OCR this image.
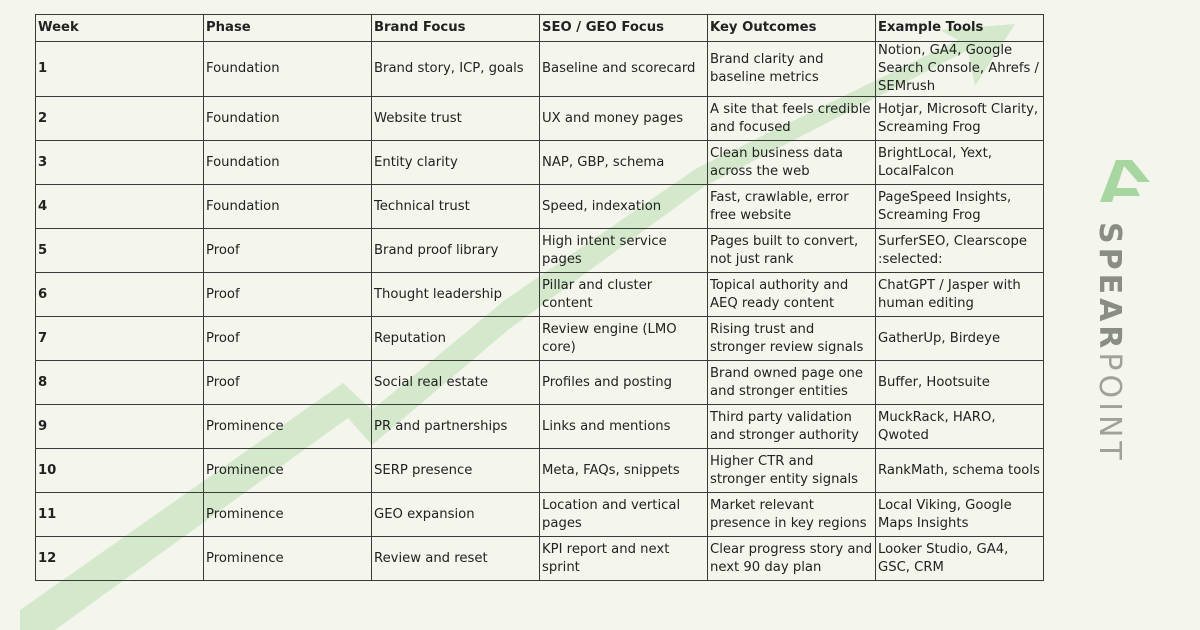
Week	Phase	Brand Focus	SEO / GEO Focus	Key Outcomes	Example Tools
1	Foundation	Brand story, ICP, goals	Baseline and scorecard	Brand clarity and baseline metrics	Notion, GA4, Google Search Console, Ahrefs / SEMrush
2	Foundation	Website trust	UX and money pages	A site that feels credible and focused	Hotjar, Microsoft Clarity, Screaming Frog
3	Foundation	Entity clarity	NAP, GBP, schema	Clean business data across the web	BrightLocal, Yext, LocalFalcon
4	Foundation	Technical trust	Speed, indexation	Fast, crawlable, error free website	PageSpeed Insights, Screaming Frog
5	Proof	Brand proof library	High intent service pages	Pages built to convert, not just rank	SurferSEO, Clearscope :selected:
6	Proof	Thought leadership	Pillar and cluster content	Topical authority and AEQ ready content	ChatGPT / Jasper with human editing
7	Proof	Reputation	Review engine (LMO core)	Rising trust and stronger review signals	GatherUp, Birdeye
8	Proof	Social real estate	Profiles and posting	Brand owned page one and stronger entities	Buffer, Hootsuite
9	Prominence	PR and partnerships	Links and mentions	Third party validation and stronger authority	MuckRack, HARO, Qwoted
10	Prominence	SERP presence	Meta, FAQs, snippets	Higher CTR and stronger entity signals	RankMath, schema tools
11	Prominence	GEO expansion	Location and vertical pages	Market relevant presence in key regions	Local Viking, Google Maps Insights
12	Prominence	Review and reset	KPI report and next sprint	Clear progress story and next 90 day plan	Looker Studio, GA4, GSC, CRM
SPEARPOINT
